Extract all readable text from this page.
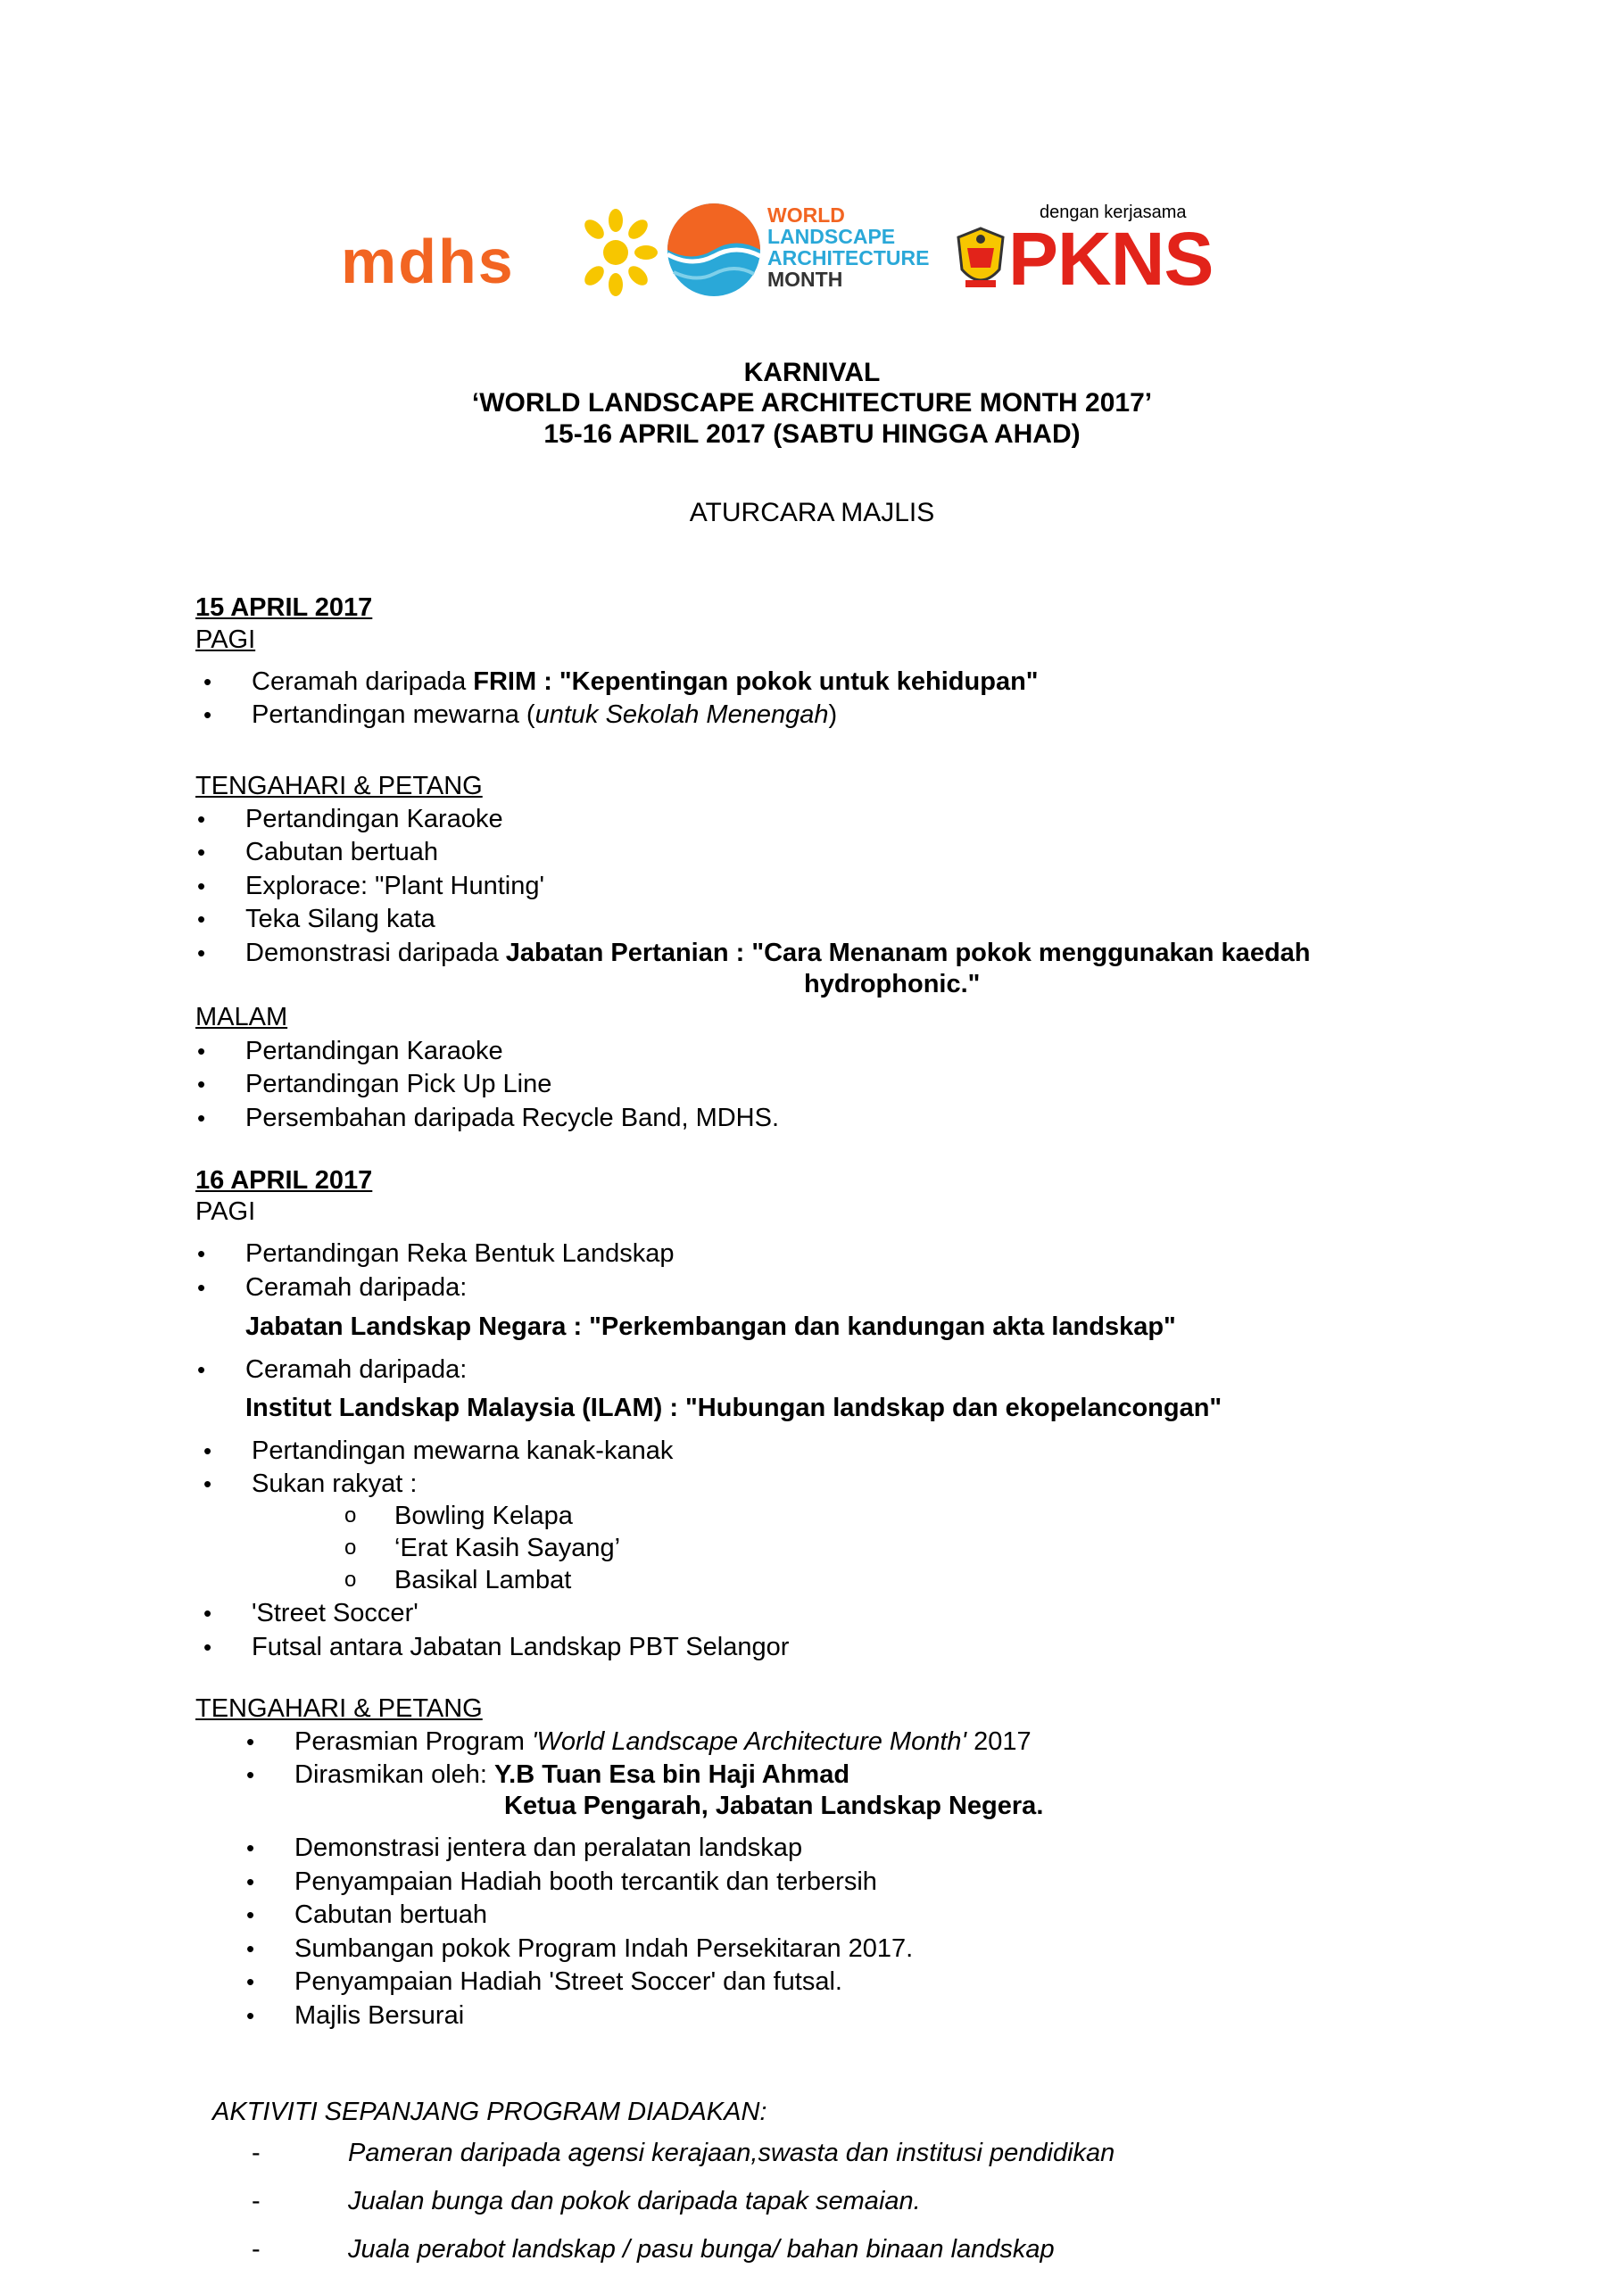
mdhs
WORLD
LANDSCAPE
ARCHITECTURE
MONTH
dengan kerjasama
PKNS
KARNIVAL
‘WORLD LANDSCAPE ARCHITECTURE MONTH 2017’
15-16 APRIL 2017 (SABTU HINGGA AHAD)
ATURCARA MAJLIS
15 APRIL 2017
PAGI
• Ceramah daripada FRIM : "Kepentingan pokok untuk kehidupan"
• Pertandingan mewarna (untuk Sekolah Menengah)
TENGAHARI & PETANG
• Pertandingan Karaoke
• Cabutan bertuah
• Explorace: "Plant Hunting'
• Teka Silang kata
• Demonstrasi daripada Jabatan Pertanian : "Cara Menanam pokok menggunakan kaedah
hydrophonic."
MALAM
• Pertandingan Karaoke
• Pertandingan Pick Up Line
• Persembahan daripada Recycle Band, MDHS.
16 APRIL 2017
PAGI
• Pertandingan Reka Bentuk Landskap
• Ceramah daripada:
Jabatan Landskap Negara : "Perkembangan dan kandungan akta landskap"
• Ceramah daripada:
Institut Landskap Malaysia (ILAM) : "Hubungan landskap dan ekopelancongan"
• Pertandingan mewarna kanak-kanak
• Sukan rakyat :
o Bowling Kelapa
o ‘Erat Kasih Sayang’
o Basikal Lambat
• 'Street Soccer'
• Futsal antara Jabatan Landskap PBT Selangor
TENGAHARI & PETANG
• Perasmian Program 'World Landscape Architecture Month' 2017
• Dirasmikan oleh: Y.B Tuan Esa bin Haji Ahmad
Ketua Pengarah, Jabatan Landskap Negera.
• Demonstrasi jentera dan peralatan landskap
• Penyampaian Hadiah booth tercantik dan terbersih
• Cabutan bertuah
• Sumbangan pokok Program Indah Persekitaran 2017.
• Penyampaian Hadiah 'Street Soccer' dan futsal.
• Majlis Bersurai
AKTIVITI SEPANJANG PROGRAM DIADAKAN:
-	Pameran daripada agensi kerajaan,swasta dan institusi pendidikan
-	Jualan bunga dan pokok daripada tapak semaian.
-	Juala perabot landskap / pasu bunga/ bahan binaan landskap
